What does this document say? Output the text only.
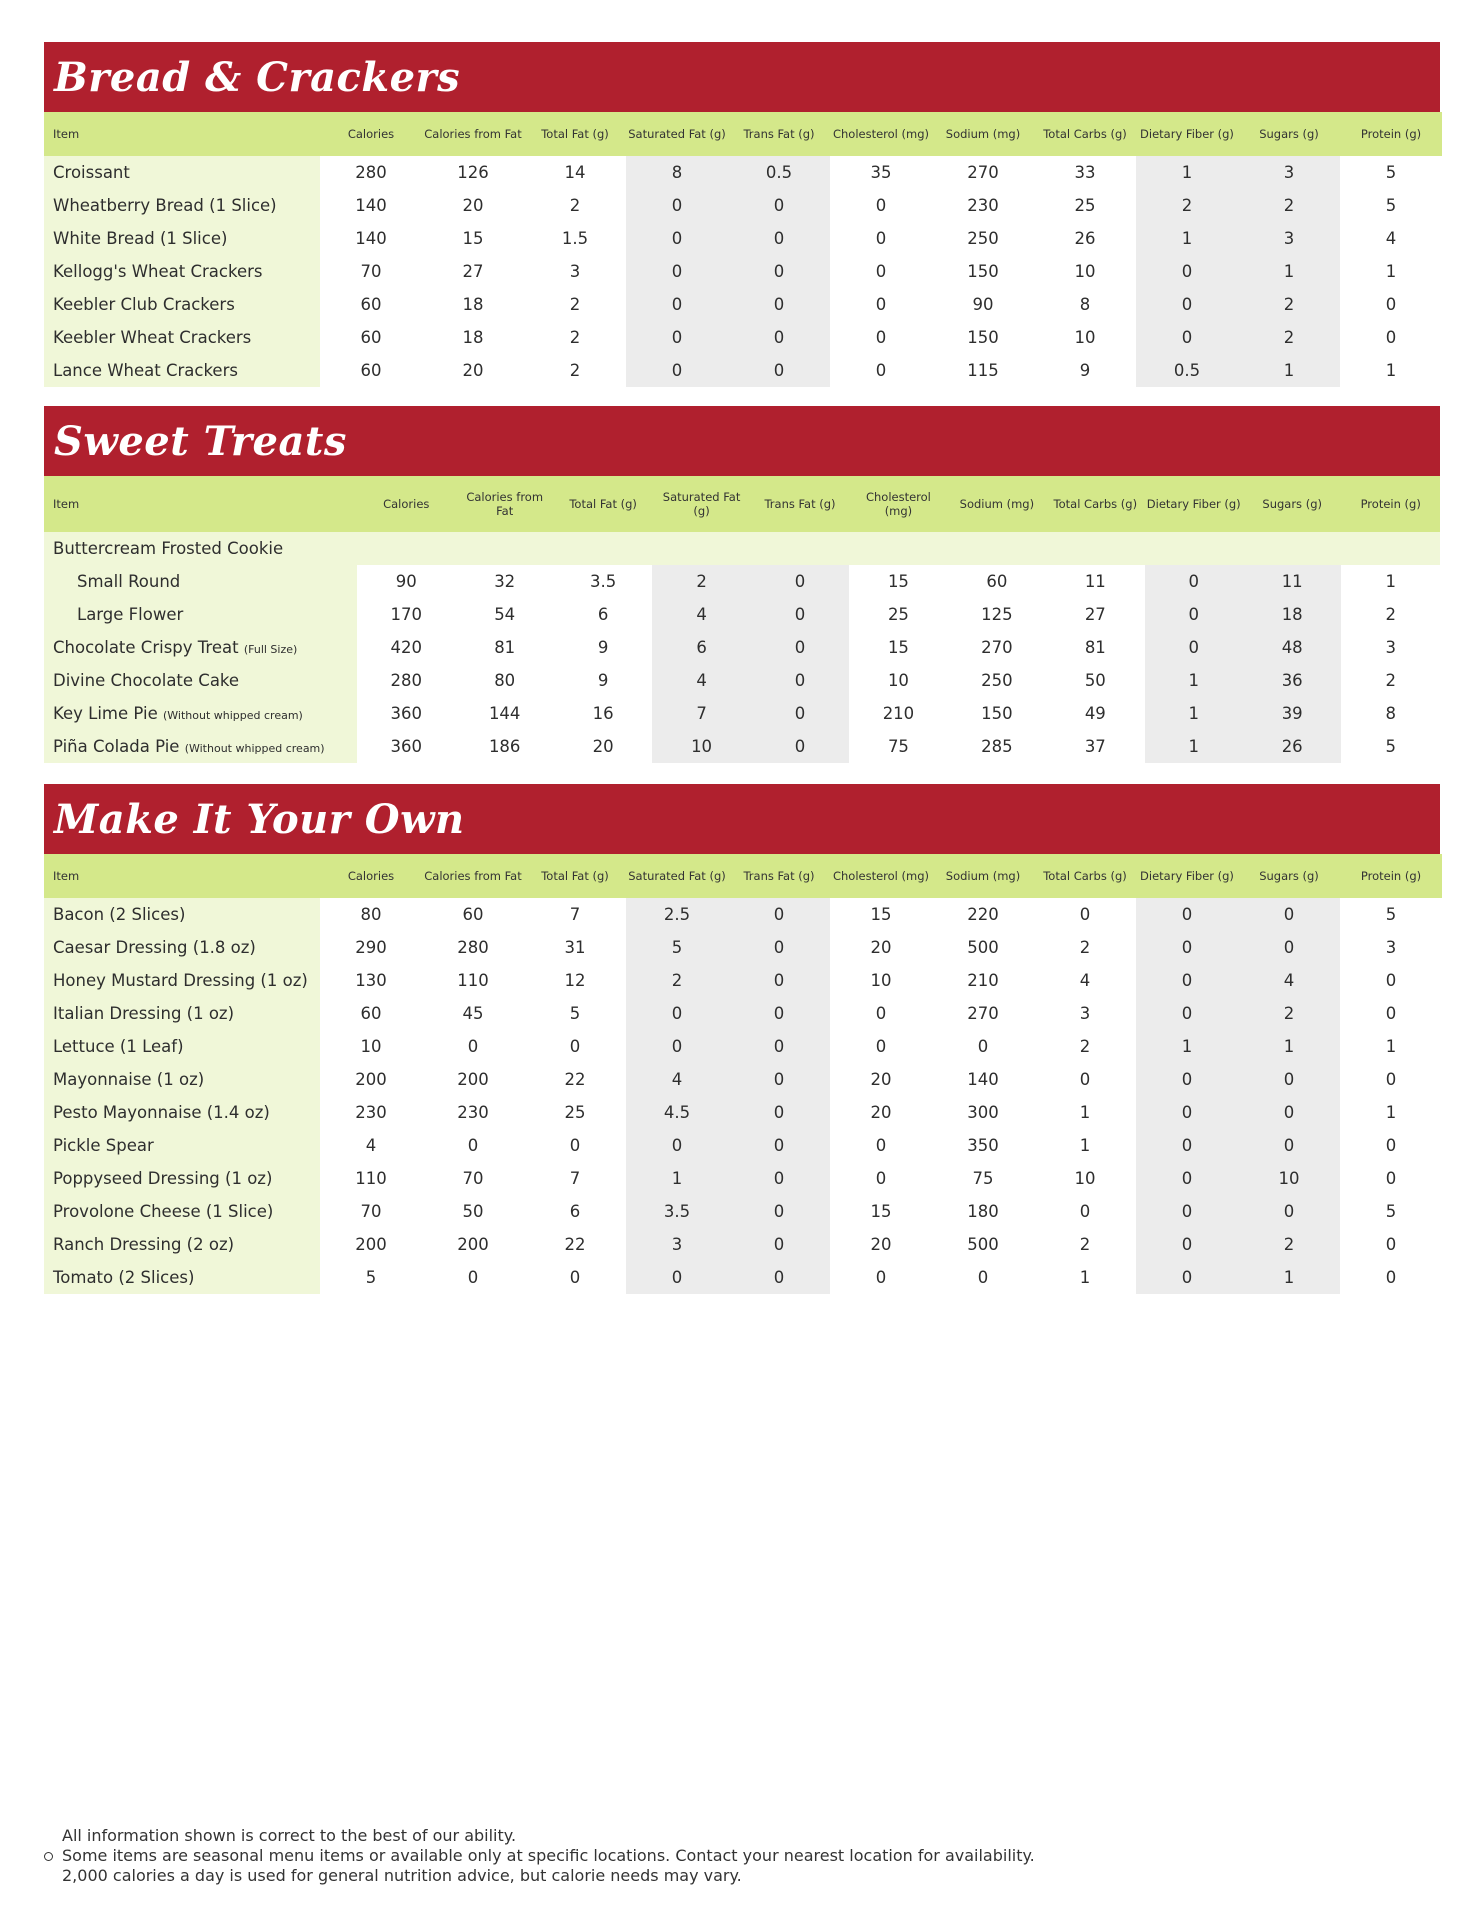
Bread & Crackers
Item	Calories	Calories from Fat	Total Fat (g)	Saturated Fat (g)	Trans Fat (g)	Cholesterol (mg)	Sodium (mg)	Total Carbs (g)	Dietary Fiber (g)	Sugars (g)	Protein (g)
Croissant	280	126	14	8	0.5	35	270	33	1	3	5
Wheatberry Bread (1 Slice)	140	20	2	0	0	0	230	25	2	2	5
White Bread (1 Slice)	140	15	1.5	0	0	0	250	26	1	3	4
Kellogg's Wheat Crackers	70	27	3	0	0	0	150	10	0	1	1
Keebler Club Crackers	60	18	2	0	0	0	90	8	0	2	0
Keebler Wheat Crackers	60	18	2	0	0	0	150	10	0	2	0
Lance Wheat Crackers	60	20	2	0	0	0	115	9	0.5	1	1
Sweet Treats
Item	Calories	Calories from Fat	Total Fat (g)	Saturated Fat (g)	Trans Fat (g)	Cholesterol (mg)	Sodium (mg)	Total Carbs (g)	Dietary Fiber (g)	Sugars (g)	Protein (g)
Buttercream Frosted Cookie											
Small Round	90	32	3.5	2	0	15	60	11	0	11	1
Large Flower	170	54	6	4	0	25	125	27	0	18	2
Chocolate Crispy Treat (Full Size)	420	81	9	6	0	15	270	81	0	48	3
Divine Chocolate Cake	280	80	9	4	0	10	250	50	1	36	2
Key Lime Pie (Without whipped cream)	360	144	16	7	0	210	150	49	1	39	8
Piña Colada Pie (Without whipped cream)	360	186	20	10	0	75	285	37	1	26	5
Make It Your Own
Item	Calories	Calories from Fat	Total Fat (g)	Saturated Fat (g)	Trans Fat (g)	Cholesterol (mg)	Sodium (mg)	Total Carbs (g)	Dietary Fiber (g)	Sugars (g)	Protein (g)
Bacon (2 Slices)	80	60	7	2.5	0	15	220	0	0	0	5
Caesar Dressing (1.8 oz)	290	280	31	5	0	20	500	2	0	0	3
Honey Mustard Dressing (1 oz)	130	110	12	2	0	10	210	4	0	4	0
Italian Dressing (1 oz)	60	45	5	0	0	0	270	3	0	2	0
Lettuce (1 Leaf)	10	0	0	0	0	0	0	2	1	1	1
Mayonnaise (1 oz)	200	200	22	4	0	20	140	0	0	0	0
Pesto Mayonnaise (1.4 oz)	230	230	25	4.5	0	20	300	1	0	0	1
Pickle Spear	4	0	0	0	0	0	350	1	0	0	0
Poppyseed Dressing (1 oz)	110	70	7	1	0	0	75	10	0	10	0
Provolone Cheese (1 Slice)	70	50	6	3.5	0	15	180	0	0	0	5
Ranch Dressing (2 oz)	200	200	22	3	0	20	500	2	0	2	0
Tomato (2 Slices)	5	0	0	0	0	0	0	1	0	1	0
All information shown is correct to the best of our ability.
Some items are seasonal menu items or available only at specific locations. Contact your nearest location for availability.
2,000 calories a day is used for general nutrition advice, but calorie needs may vary.
